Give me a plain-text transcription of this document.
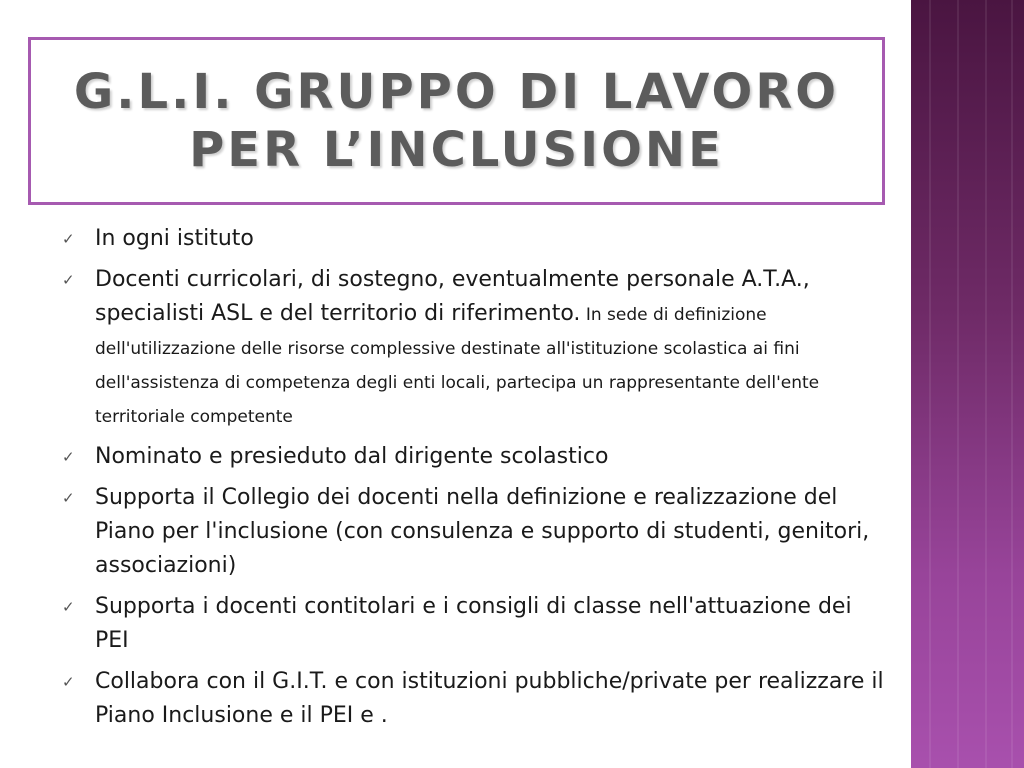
G.L.I. GRUPPO DI LAVORO PER L’INCLUSIONE
✓ In ogni istituto
✓ Docenti curricolari, di sostegno, eventualmente personale A.T.A., specialisti ASL e del territorio di riferimento. In sede di definizione dell'utilizzazione delle risorse complessive destinate all'istituzione scolastica ai fini dell'assistenza di competenza degli enti locali, partecipa un rappresentante dell'ente territoriale competente
✓ Nominato e presieduto dal dirigente scolastico
✓ Supporta il Collegio dei docenti nella definizione e realizzazione del Piano per l'inclusione (con consulenza e supporto di studenti, genitori, associazioni)
✓ Supporta i docenti contitolari e i consigli di classe nell'attuazione dei PEI
✓ Collabora con il G.I.T. e con istituzioni pubbliche/private per realizzare il Piano Inclusione e il PEI e .
